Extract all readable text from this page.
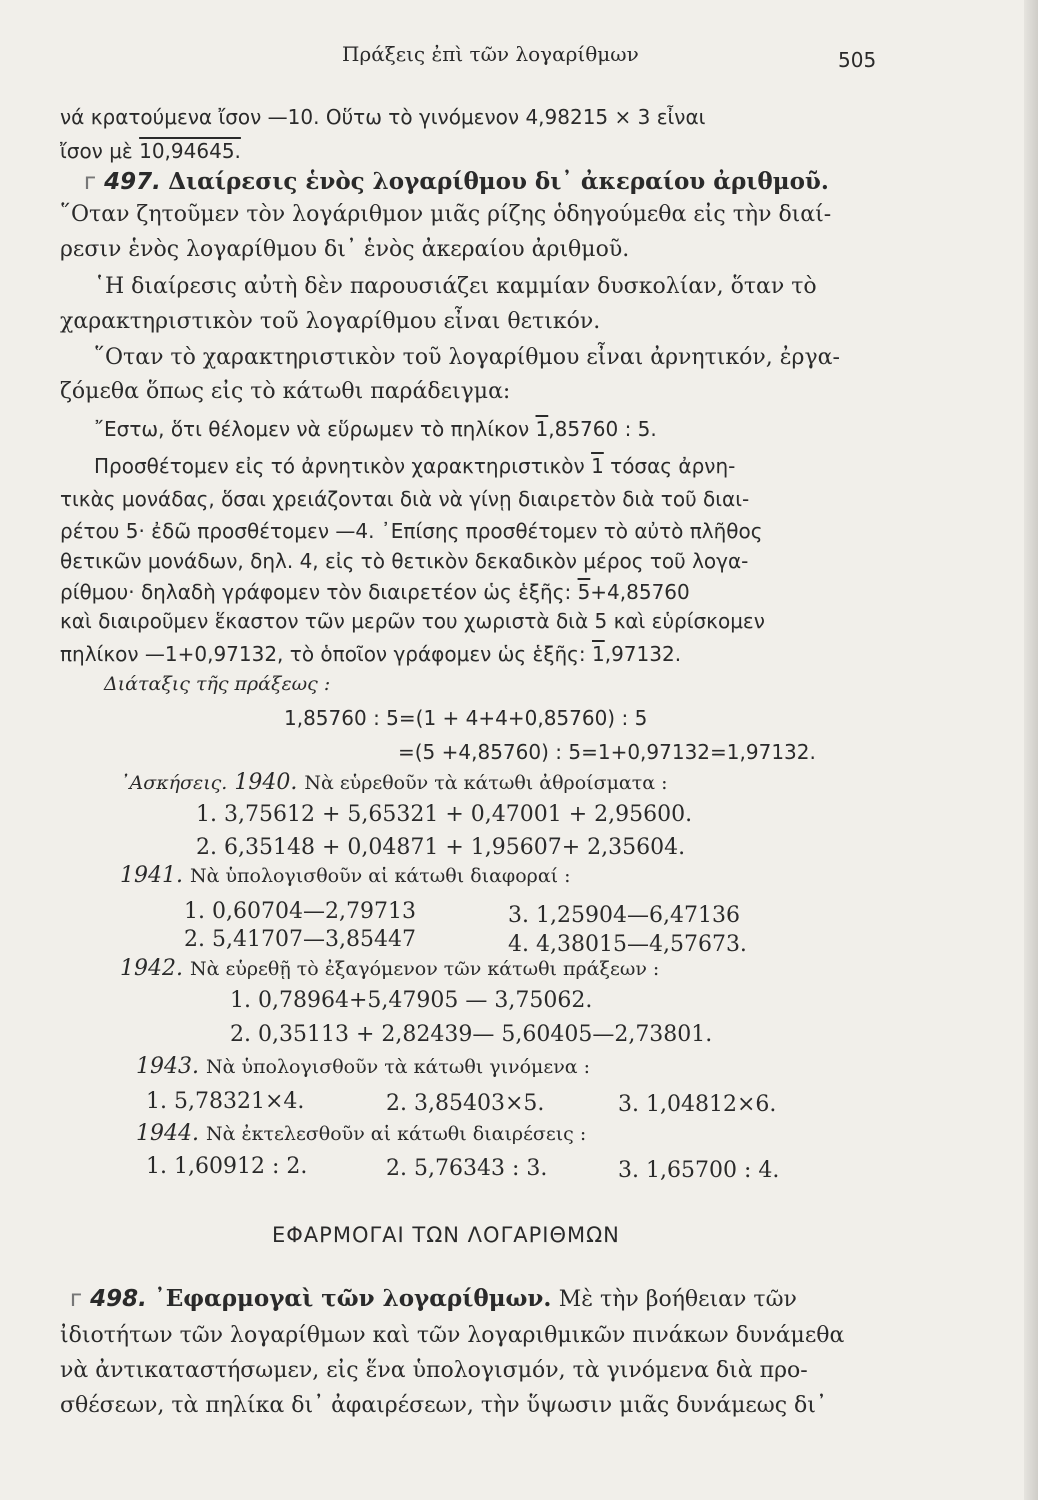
Πράξεις ἐπὶ τῶν λογαρίθμων	505
νά κρατούμενα ἴσον —10. Οὕτω τὸ γινόμενον 4,98215 × 3 εἶναι
ἴσον μὲ 10,94645.
ᴦ 497. Διαίρεσις ἑνὸς λογαρίθμου δι᾿ ἀκεραίου ἀριθμοῦ.
῞Οταν ζητοῦμεν τὸν λογάριθμον μιᾶς ρίζης ὁδηγούμεθα εἰς τὴν διαί-
ρεσιν ἑνὸς λογαρίθμου δι᾿ ἑνὸς ἀκεραίου ἀριθμοῦ.
῾Η διαίρεσις αὐτὴ δὲν παρουσιάζει καμμίαν δυσκολίαν, ὅταν τὸ
χαρακτηριστικὸν τοῦ λογαρίθμου εἶναι θετικόν.
῞Οταν τὸ χαρακτηριστικὸν τοῦ λογαρίθμου εἶναι ἀρνητικόν, ἐργα-
ζόμεθα ὅπως εἰς τὸ κάτωθι παράδειγμα:
῎Εστω, ὅτι θέλομεν νὰ εὕρωμεν τὸ πηλίκον 1,85760 : 5.
Προσθέτομεν εἰς τό ἀρνητικὸν χαρακτηριστικὸν 1 τόσας ἀρνη-
τικὰς μονάδας, ὅσαι χρειάζονται διὰ νὰ γίνῃ διαιρετὸν διὰ τοῦ διαι-
ρέτου 5· ἐδῶ προσθέτομεν —4. ᾿Επίσης προσθέτομεν τὸ αὐτὸ πλῆθος
θετικῶν μονάδων, δηλ. 4, εἰς τὸ θετικὸν δεκαδικὸν μέρος τοῦ λογα-
ρίθμου· δηλαδὴ γράφομεν τὸν διαιρετέον ὡς ἑξῆς: 5+4,85760
καὶ διαιροῦμεν ἕκαστον τῶν μερῶν του χωριστὰ διὰ 5 καὶ εὑρίσκομεν
πηλίκον —1+0,97132, τὸ ὁποῖον γράφομεν ὡς ἑξῆς: 1,97132.
Διάταξις τῆς πράξεως :
1,85760 : 5=(1 + 4+4+0,85760) : 5
=(5 +4,85760) : 5=1+0,97132=1,97132.
᾿Ασκήσεις. 1940. Νὰ εὑρεθοῦν τὰ κάτωθι ἀθροίσματα :
1. 3,75612 + 5,65321 + 0,47001 + 2,95600.
2. 6,35148 + 0,04871 + 1,95607+ 2,35604.
1941. Νὰ ὑπολογισθοῦν αἱ κάτωθι διαφοραί :
1. 0,60704—2,79713	3. 1,25904—6,47136
2. 5,41707—3,85447	4. 4,38015—4,57673.
1942. Νὰ εὑρεθῇ τὸ ἐξαγόμενον τῶν κάτωθι πράξεων :
1. 0,78964+5,47905 — 3,75062.
2. 0,35113 + 2,82439— 5,60405—2,73801.
1943. Νὰ ὑπολογισθοῦν τὰ κάτωθι γινόμενα :
1. 5,78321×4.	2. 3,85403×5.	3. 1,04812×6.
1944. Νὰ ἐκτελεσθοῦν αἱ κάτωθι διαιρέσεις :
1. 1,60912 : 2.	2. 5,76343 : 3.	3. 1,65700 : 4.
ΕΦΑΡΜΟΓΑΙ ΤΩΝ ΛΟΓΑΡΙΘΜΩΝ
ᴦ 498. ᾿Εφαρμογαὶ τῶν λογαρίθμων. Μὲ τὴν βοήθειαν τῶν
ἰδιοτήτων τῶν λογαρίθμων καὶ τῶν λογαριθμικῶν πινάκων δυνάμεθα
νὰ ἀντικαταστήσωμεν, εἰς ἕνα ὑπολογισμόν, τὰ γινόμενα διὰ προ-
σθέσεων, τὰ πηλίκα δι᾿ ἀφαιρέσεων, τὴν ὕψωσιν μιᾶς δυνάμεως δι᾿
